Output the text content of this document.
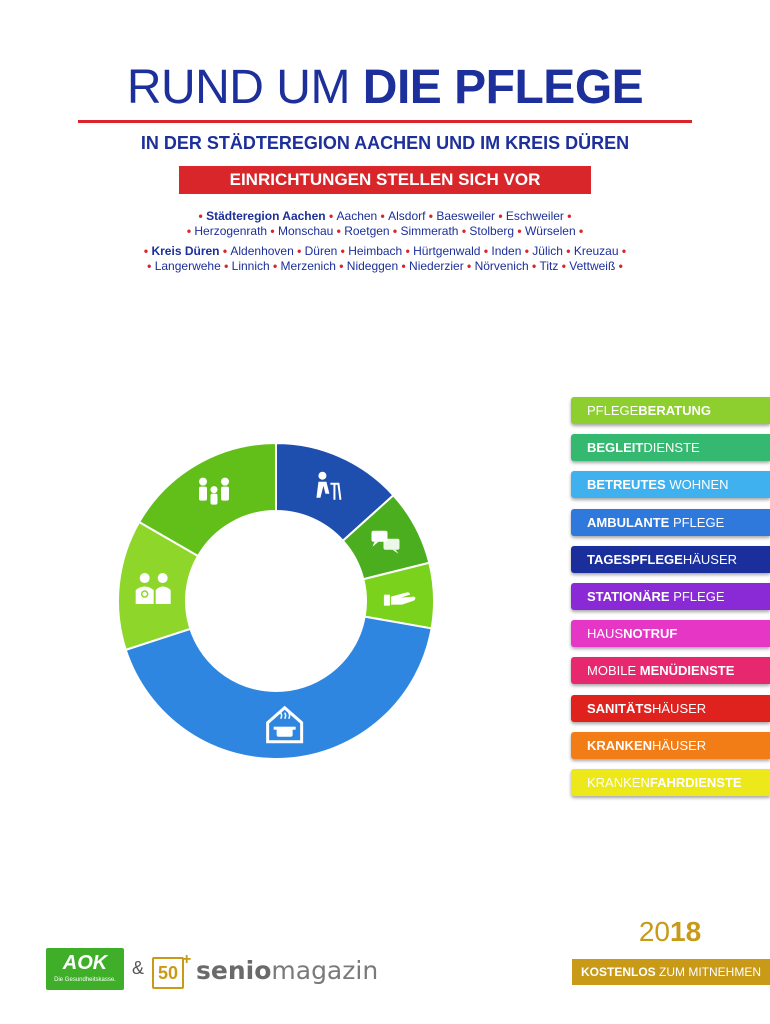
RUND UM DIE PFLEGE
IN DER STÄDTEREGION AACHEN UND IM KREIS DÜREN
EINRICHTUNGEN STELLEN SICH VOR
• Städteregion Aachen • Aachen • Alsdorf • Baesweiler • Eschweiler •
• Herzogenrath • Monschau • Roetgen • Simmerath • Stolberg • Würselen •
• Kreis Düren • Aldenhoven • Düren • Heimbach • Hürtgenwald • Inden • Jülich • Kreuzau •
• Langerwehe • Linnich • Merzenich • Nideggen • Niederzier • Nörvenich • Titz • Vettweiß •
PFLEGEBERATUNG
BEGLEITDIENSTE
BETREUTES WOHNEN
AMBULANTE PFLEGE
TAGESPFLEGEHÄUSER
STATIONÄRE PFLEGE
HAUSNOTRUF
MOBILE MENÜDIENSTE
SANITÄTSHÄUSER
KRANKENHÄUSER
KRANKENFAHRDIENSTE
2018
KOSTENLOS ZUM MITNEHMEN
AOK
Die Gesundheitskasse.
& 50
+ seniomagazin
